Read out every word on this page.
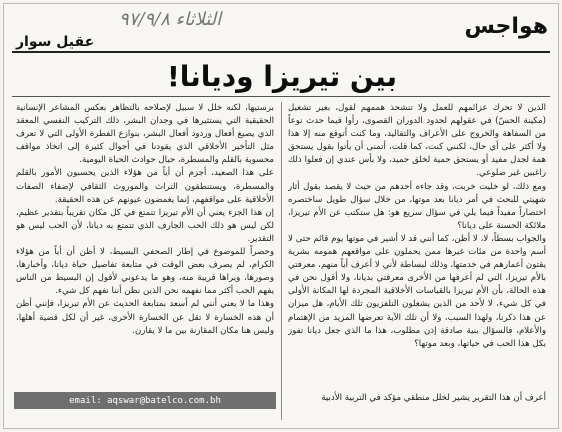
هواجس
الثلاثاء ٩٧/٩/٨
عقيل سوار
بين تيريزا وديانا!

الذين لا تحرك عزائمهم للعمل ولا تنشحذ هممهم لقول، بغير تشغيل (مكينة الحسّ) في عقولهم لحدود الدوران القصوى، رأوا فيما حدث نوعاً من السفاهة والخروج على الأعراف والتقاليد، وما كنت أتوقع منه إلا هذا ولا أكثر على أي حال، لكنني كنت، كما قلت، أتمنى أن يأتوا بقول يستحق همة لجدل مفيد أو يستحق حمية لخلق حميد، ولا بأس عندي إن فعلوا ذلك راغبين غير ضلوعي.

ومع ذلك، لو خليت خربت، وقد جاءه أحدهم من حيث لا يقصد بقول أثار شهيتي للبحث في أمر ديانا بعد موتها، من خلال سؤال طويل ساختصره اختصاراً مفيداً فيما يلي في سؤال سريع هو: هل ستكتب عن الأم تيريزا، ملائكة الحسنة على ديانا؟

والجواب بسطاً، لا، لا أظن، كما أنني قد لا أشير في موتها يوم قائم حتى لا أسم واحدة من مئات غيرها ممن يحملون على مواقعهم همومه بشرية يقتون أعمارهم في خدمتها، وذلك لبساطة لأني لا أعرف أياً منهم، معرفتي بالأم تيريزا، التي لم أعرفها من الأخرى معرفتي بديانا، ولا أقول نحن في هذه الحالة، بأن الأم تيريزا بالقياسات الأخلاقية المجردة لها المكانة الأولى في كل شيء، لا لأحد من الذين يشغلون التلفزيون تلك الأيام، هل ميزان عن هذا ذكرنا، ولهذا السبب، ولا أن تلك الآية تعرضها المزيد من الإهتمام والأعلام، فالسؤال بنية صادقة إذن مطلوب، هذا ما الذي جعل ديانا تفوز بكل هذا الحب في حياتها، وبعد موتها؟

برستيها، لكنه خلل لا سبيل لإصلاحه بالتظاهر بعكس المشاعر الإنسانية الحقيقية التي يستثيرها في وجدان البشر، ذلك التركيب النفسي المعقد الذي يصيغ أفعال وردود أفعال البشر، بنوازع الفطرة الأولى التي لا تعرف مثل التأخير الأخلاقي الذي يقودنا في أحوال كثيرة إلى اتخاذ مواقف محسوبة بالقلم والمسطرة، حيال حوادث الحياة اليومية.

على هذا الصعيد، أجزم أن أياً من هؤلاء الذين يحسبون الأمور بالقلم والمسطرة، ويستنطقون التراث والموروث الثقافي لإضفاء الصفات الأخلاقية على مواقفهم، إنما يغمضون عيونهم عن هذه الحقيقة.

إن هذا الجزء يعني أن الأم تيريزا تتمتع في كل مكان تقريباً بتقدير عظيم، لكن ليس هو ذلك الحب الجارف الذي تتمتع به ديانا، لأن الحب ليس هو التقدير.

وحصراً للموضوع في إطار الصحفي البسيط، لا أظن أن أياً من هؤلاء الكرام، لم يصرف بعض الوقت في متابعة تفاصيل حياة ديانا، وأخبارها، وصورها، ويراها قريبة منه، وهو ما يدعوني لأقول إن البسيط من الناس يفهم الحب أكثر مما نفهمه نحن الذين نظن أننا نفهم كل شيء.

وهذا ما لا يعني أنني لم أسعد بمتابعة الحديث عن الأم تيريزا، فإنني أظن أن هذه الخسارة لا تقل عن الخسارة الأخرى، غير أن لكل قضية أهلها، وليس هنا مكان المقارنة بين ما لا يقارن.

email: aqswar@batelco.com.bh	أعرف أن هذا التقرير يشير لخلل منطقي مؤكد في التربية الأدبية
